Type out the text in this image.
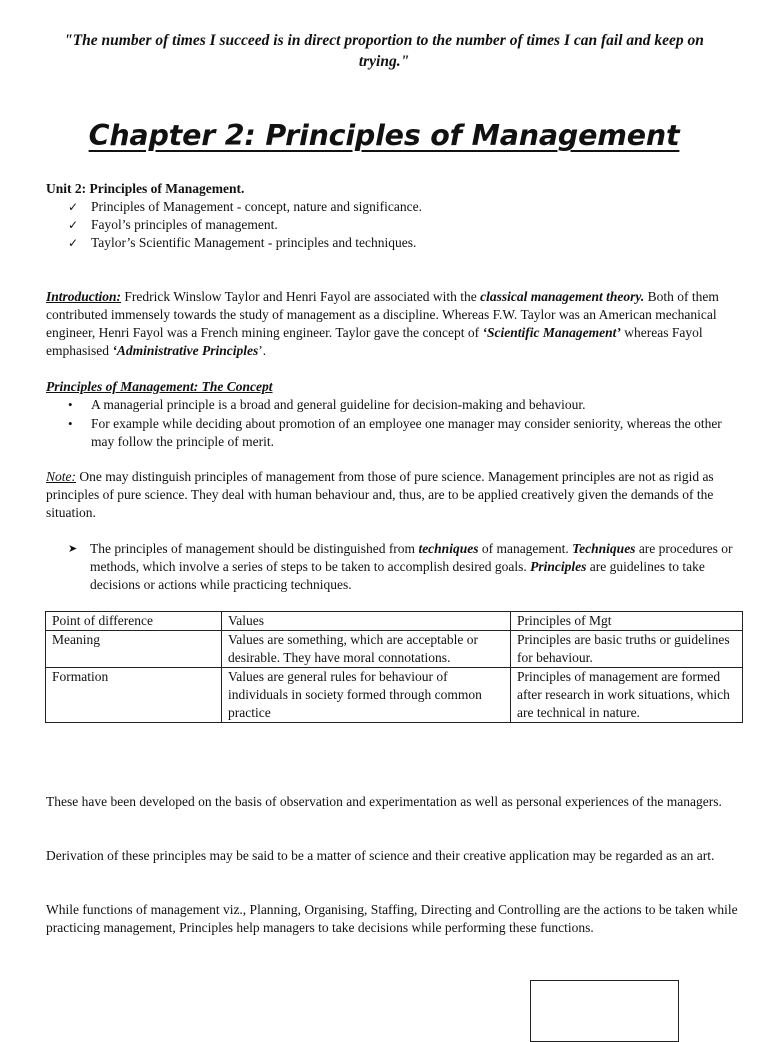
"The number of times I succeed is in direct proportion to the number of times I can fail and keep on trying."
Chapter 2: Principles of Management
Unit 2: Principles of Management.
✓ Principles of Management - concept, nature and significance.
✓ Fayol’s principles of management.
✓ Taylor’s Scientific Management - principles and techniques.
Introduction: Fredrick Winslow Taylor and Henri Fayol are associated with the classical management theory. Both of them contributed immensely towards the study of management as a discipline. Whereas F.W. Taylor was an American mechanical engineer, Henri Fayol was a French mining engineer. Taylor gave the concept of ‘Scientific Management’ whereas Fayol emphasised ‘Administrative Principles’.
Principles of Management: The Concept
• A managerial principle is a broad and general guideline for decision-making and behaviour.
• For example while deciding about promotion of an employee one manager may consider seniority, whereas the other may follow the principle of merit.
Note: One may distinguish principles of management from those of pure science. Management principles are not as rigid as principles of pure science. They deal with human behaviour and, thus, are to be applied creatively given the demands of the situation.
➤ The principles of management should be distinguished from techniques of management. Techniques are procedures or methods, which involve a series of steps to be taken to accomplish desired goals. Principles are guidelines to take decisions or actions while practicing techniques.
Point of difference	Values	Principles of Mgt
Meaning	Values are something, which are acceptable or desirable. They have moral connotations.	Principles are basic truths or guidelines for behaviour.
Formation	Values are general rules for behaviour of individuals in society formed through common practice	Principles of management are formed after research in work situations, which are technical in nature.
These have been developed on the basis of observation and experimentation as well as personal experiences of the managers.
Derivation of these principles may be said to be a matter of science and their creative application may be regarded as an art.
While functions of management viz., Planning, Organising, Staffing, Directing and Controlling are the actions to be taken while practicing management, Principles help managers to take decisions while performing these functions.
